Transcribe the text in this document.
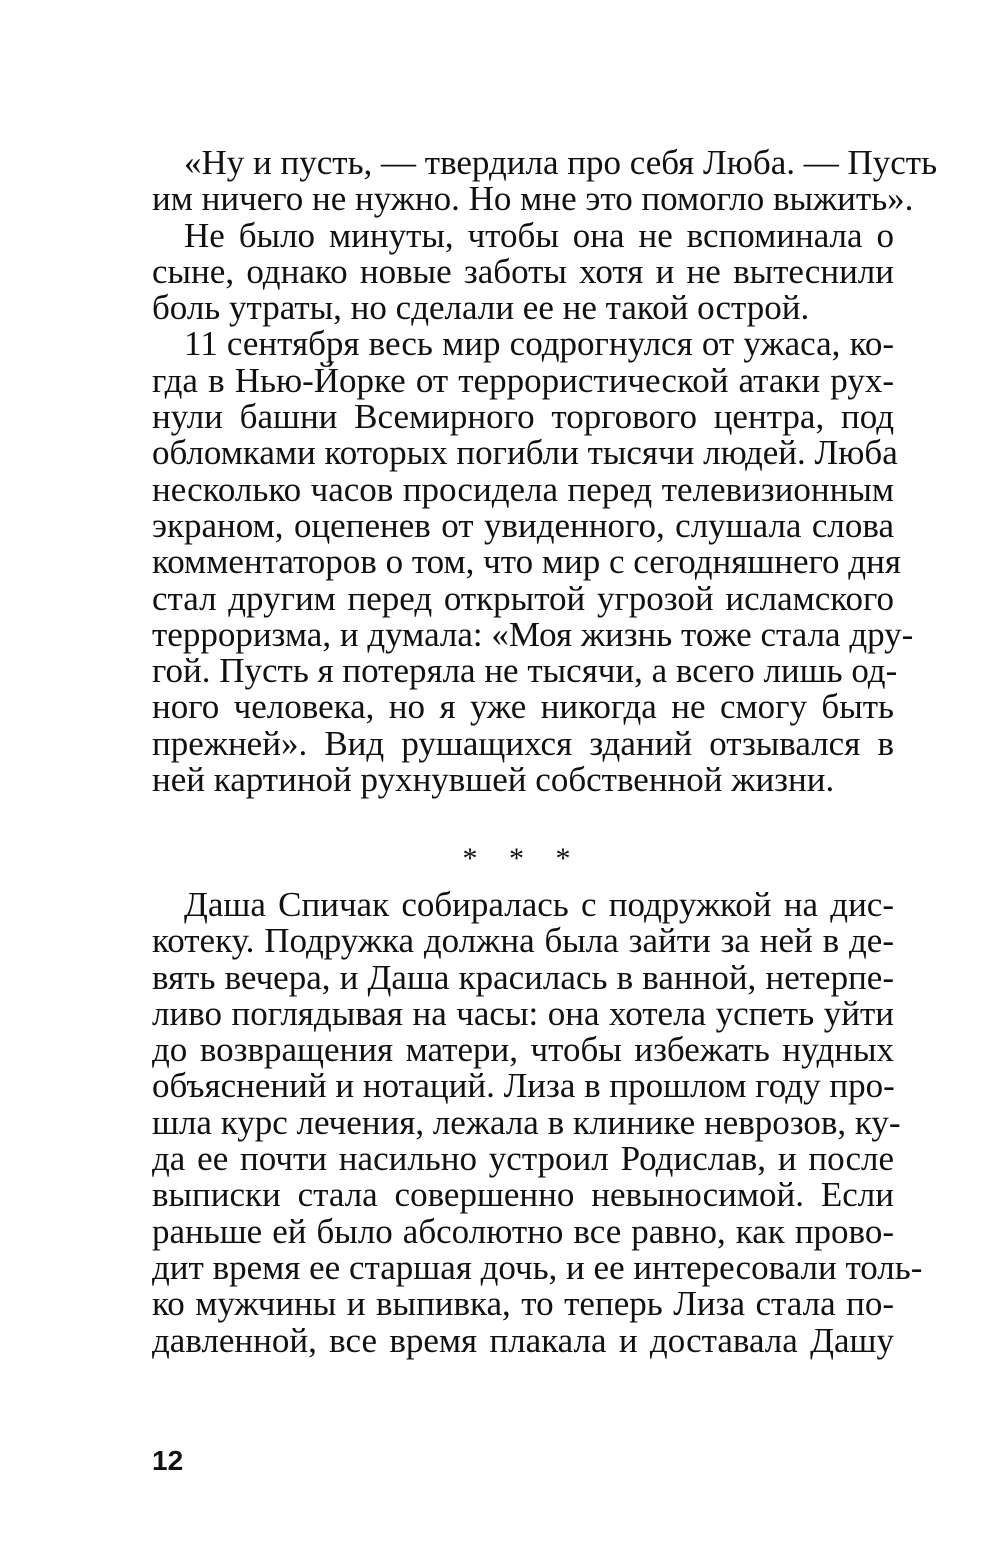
«Ну и пусть, — твердила про себя Люба. — Пусть
им ничего не нужно. Но мне это помогло выжить».
Не было минуты, чтобы она не вспоминала о
сыне, однако новые заботы хотя и не вытеснили
боль утраты, но сделали ее не такой острой.
11 сентября весь мир содрогнулся от ужаса, ко-
гда в Нью-Йорке от террористической атаки рух-
нули башни Всемирного торгового центра, под
обломками которых погибли тысячи людей. Люба
несколько часов просидела перед телевизионным
экраном, оцепенев от увиденного, слушала слова
комментаторов о том, что мир с сегодняшнего дня
стал другим перед открытой угрозой исламского
терроризма, и думала: «Моя жизнь тоже стала дру-
гой. Пусть я потеряла не тысячи, а всего лишь од-
ного человека, но я уже никогда не смогу быть
прежней». Вид рушащихся зданий отзывался в
ней картиной рухнувшей собственной жизни.
* * *
Даша Спичак собиралась с подружкой на дис-
котеку. Подружка должна была зайти за ней в де-
вять вечера, и Даша красилась в ванной, нетерпе-
ливо поглядывая на часы: она хотела успеть уйти
до возвращения матери, чтобы избежать нудных
объяснений и нотаций. Лиза в прошлом году про-
шла курс лечения, лежала в клинике неврозов, ку-
да ее почти насильно устроил Родислав, и после
выписки стала совершенно невыносимой. Если
раньше ей было абсолютно все равно, как прово-
дит время ее старшая дочь, и ее интересовали толь-
ко мужчины и выпивка, то теперь Лиза стала по-
давленной, все время плакала и доставала Дашу
12
